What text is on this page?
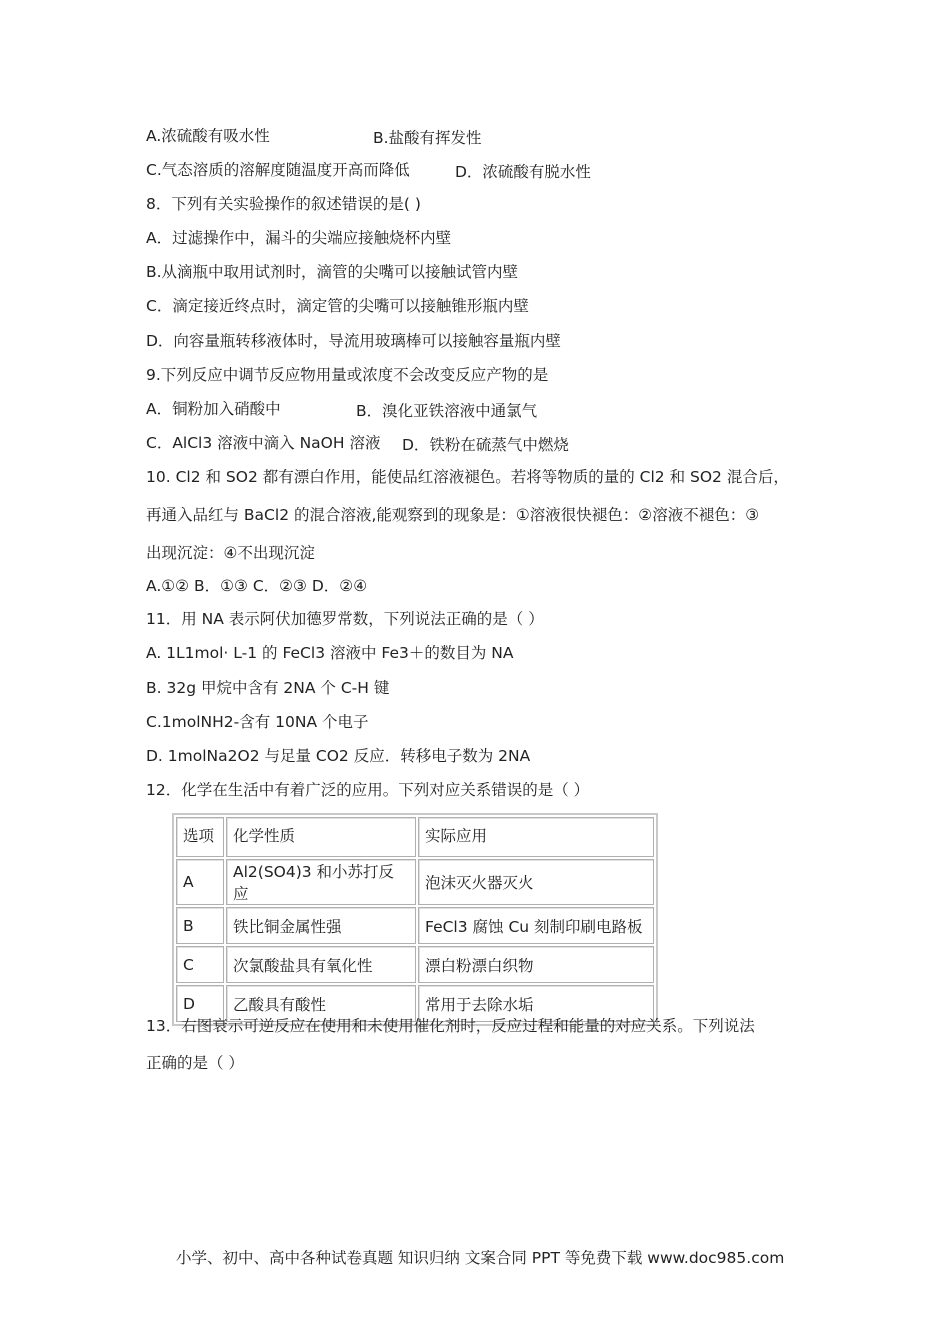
A.浓硫酸有吸水性	B.盐酸有挥发性
C.气态溶质的溶解度随温度开高而降低	D．浓硫酸有脱水性
8．下列有关实验操作的叙述错误的是( )
A．过滤操作中，漏斗的尖端应接触烧杯内壁
B.从滴瓶中取用试剂时，滴管的尖嘴可以接触试管内壁
C．滴定接近终点时，滴定管的尖嘴可以接触锥形瓶内壁
D．向容量瓶转移液体时，导流用玻璃棒可以接触容量瓶内壁
9.下列反应中调节反应物用量或浓度不会改变反应产物的是
A．铜粉加入硝酸中	B．溴化亚铁溶液中通氯气
C．AlCl3 溶液中滴入 NaOH 溶液 D．铁粉在硫蒸气中燃烧
10. Cl2 和 SO2 都有漂白作用，能使品红溶液褪色。若将等物质的量的 Cl2 和 SO2 混合后，
再通入品红与 BaCl2 的混合溶液,能观察到的现象是：①溶液很快褪色：②溶液不褪色：③
出现沉淀：④不出现沉淀
A.①② B．①③ C．②③ D．②④
11．用 NA 表示阿伏加德罗常数，下列说法正确的是（ ）
A. 1L1mol· L-1 的 FeCl3 溶液中 Fe3＋的数目为 NA
B. 32g 甲烷中含有 2NA 个 C-H 键
C.1molNH2-含有 10NA 个电子
D. 1molNa2O2 与足量 CO2 反应．转移电子数为 2NA
12．化学在生活中有着广泛的应用。下列对应关系错误的是（ ）
选项	化学性质	实际应用
A	Al2(SO4)3 和小苏打反应	泡沫灭火器灭火
B	铁比铜金属性强	FeCl3 腐蚀 Cu 刻制印刷电路板
C	次氯酸盐具有氧化性	漂白粉漂白织物
D	乙酸具有酸性	常用于去除水垢
13．右图衰示可逆反应在使用和未使用催化剂时，反应过程和能量的对应关系。下列说法
正确的是（ ）
小学、初中、高中各种试卷真题 知识归纳 文案合同 PPT 等免费下载 www.doc985.com
